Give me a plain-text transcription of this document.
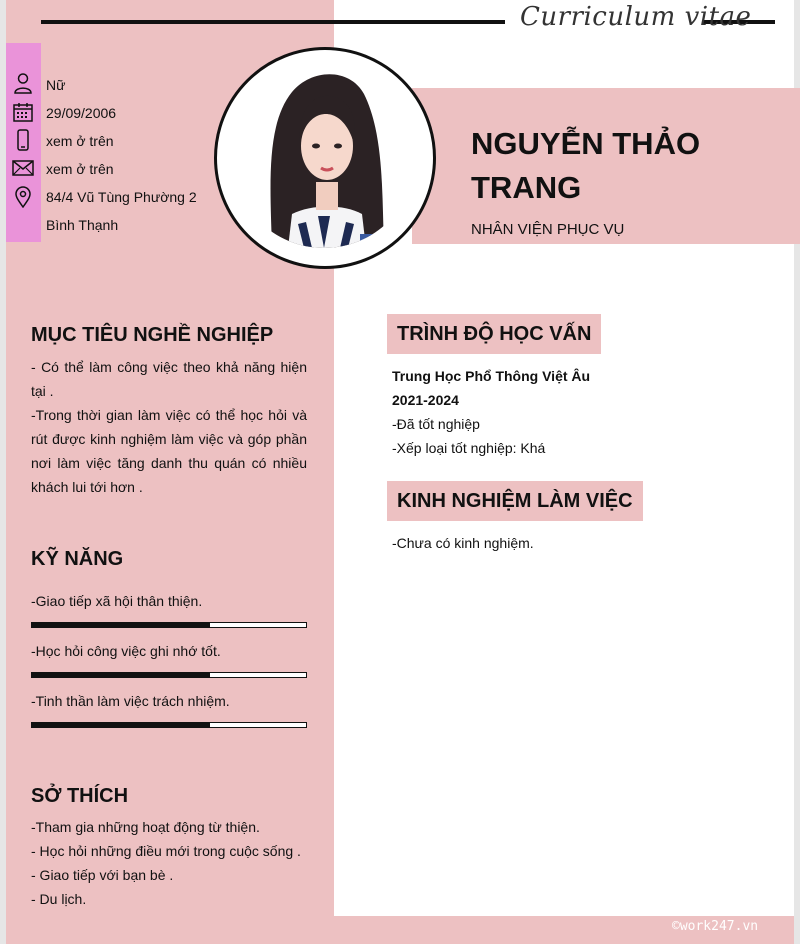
Curriculum vitae
Nữ
29/09/2006
xem ở trên
xem ở trên
84/4 Vũ Tùng Phường 2
Bình Thạnh
NGUYỄN THẢO TRANG
NHÂN VIỆN PHỤC VỤ
MỤC TIÊU NGHỀ NGHIỆP

- Có thể làm công việc theo khả năng hiện tại .

-Trong thời gian làm việc có thể học hỏi và rút được kinh nghiệm làm việc và góp phần nơi làm việc tăng danh thu quán có nhiều khách lui tới hơn .

KỸ NĂNG
-Giao tiếp xã hội thân thiện.
-Học hỏi công việc ghi nhớ tốt.
-Tinh thần làm việc trách nhiệm.
SỞ THÍCH
-Tham gia những hoạt động từ thiện.
- Học hỏi những điều mới trong cuộc sống .
- Giao tiếp với bạn bè .
- Du lịch.
TRÌNH ĐỘ HỌC VẤN
Trung Học Phổ Thông Việt Âu
2021-2024
-Đã tốt nghiệp
-Xếp loại tốt nghiệp: Khá
KINH NGHIỆM LÀM VIỆC
-Chưa có kinh nghiệm.
©work247.vn
